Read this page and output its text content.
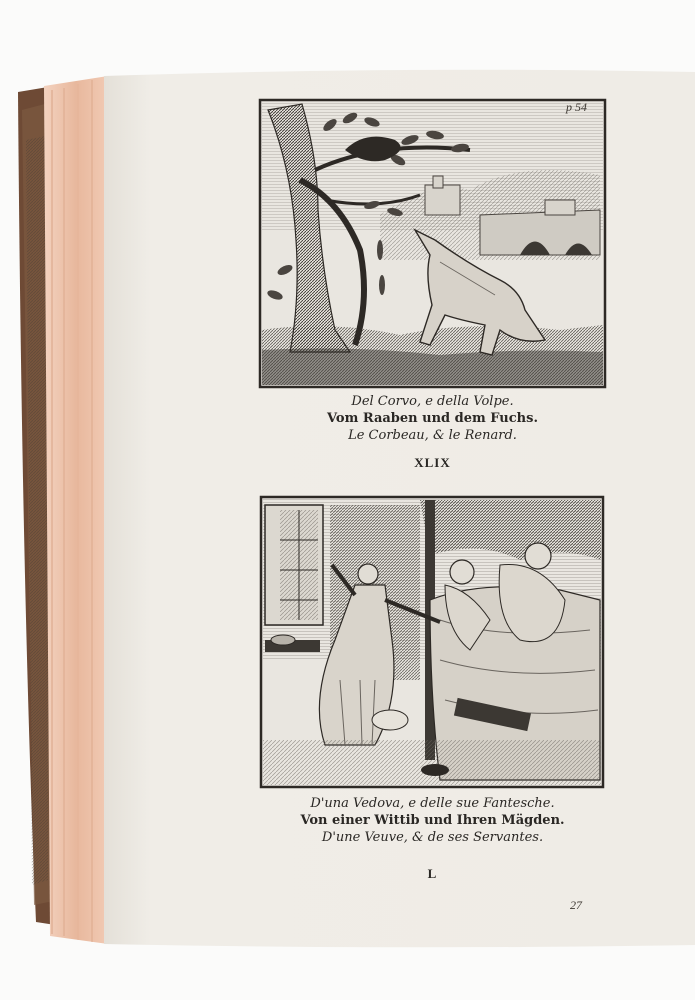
p 54
Del Corvo, e della Volpe.
Vom Raaben und dem Fuchs.
Le Corbeau, & le Renard.
XLIX
D'una Vedova, e delle sue Fantesche.
Von einer Wittib und Ihren Mägden.
D'une Veuve, & de ses Servantes.
L
27
